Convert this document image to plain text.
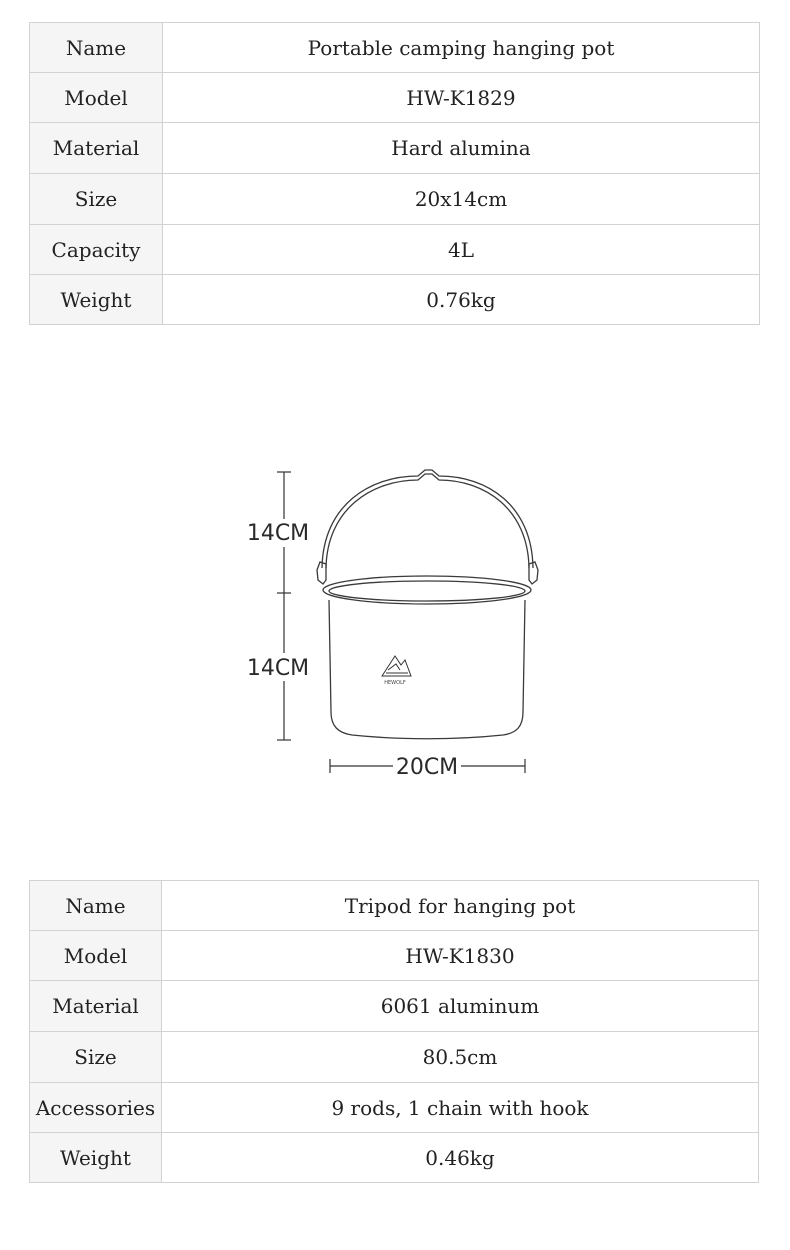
Name	Portable camping hanging pot
Model	HW-K1829
Material	Hard alumina
Size	20x14cm
Capacity	4L
Weight	0.76kg
14CM
14CM
20CM
HEWOLF
Name	Tripod for hanging pot
Model	HW-K1830
Material	6061 aluminum
Size	80.5cm
Accessories	9 rods, 1 chain with hook
Weight	0.46kg
